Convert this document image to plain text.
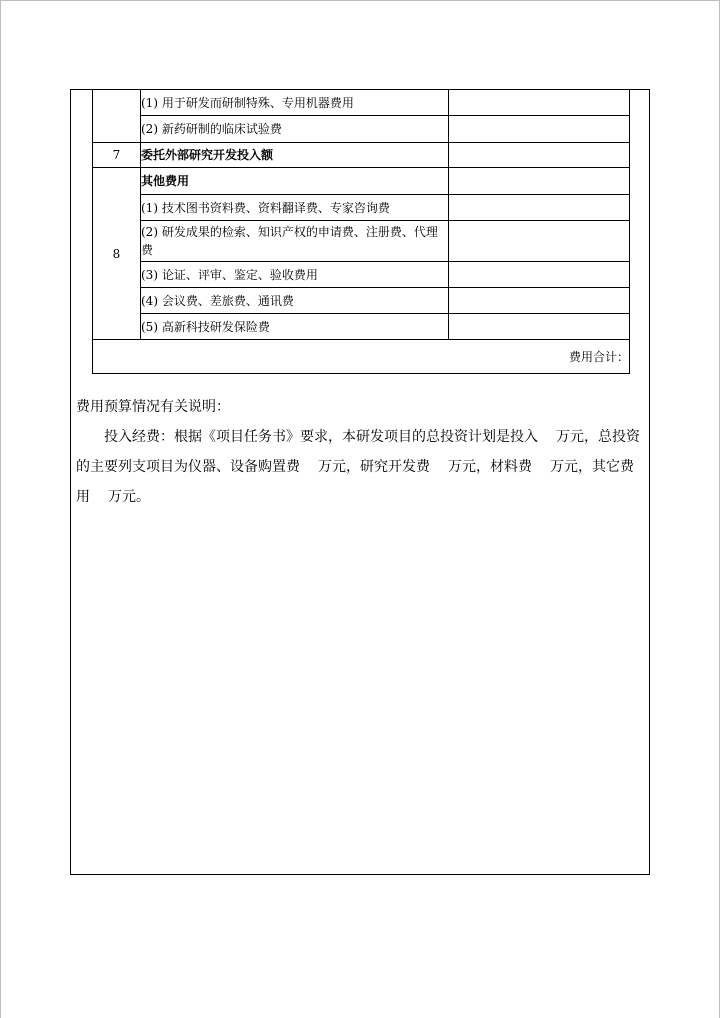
	(1) 用于研发而研制特殊、专用机器费用	
	(2) 新药研制的临床试验费	
7	委托外部研究开发投入额	
8	其他费用	
	(1) 技术图书资料费、资料翻译费、专家咨询费	
	(2) 研发成果的检索、知识产权的申请费、注册费、代理费	
	(3) 论证、评审、鉴定、验收费用	
	(4) 会议费、差旅费、通讯费	
	(5) 高新科技研发保险费	
费用合计：		

费用预算情况有关说明：

投入经费：根据《项目任务书》要求，本研发项目的总投资计划是投入 万元，总投资的主要列支项目为仪器、设备购置费 万元，研究开发费 万元，材料费 万元，其它费用 万元。
